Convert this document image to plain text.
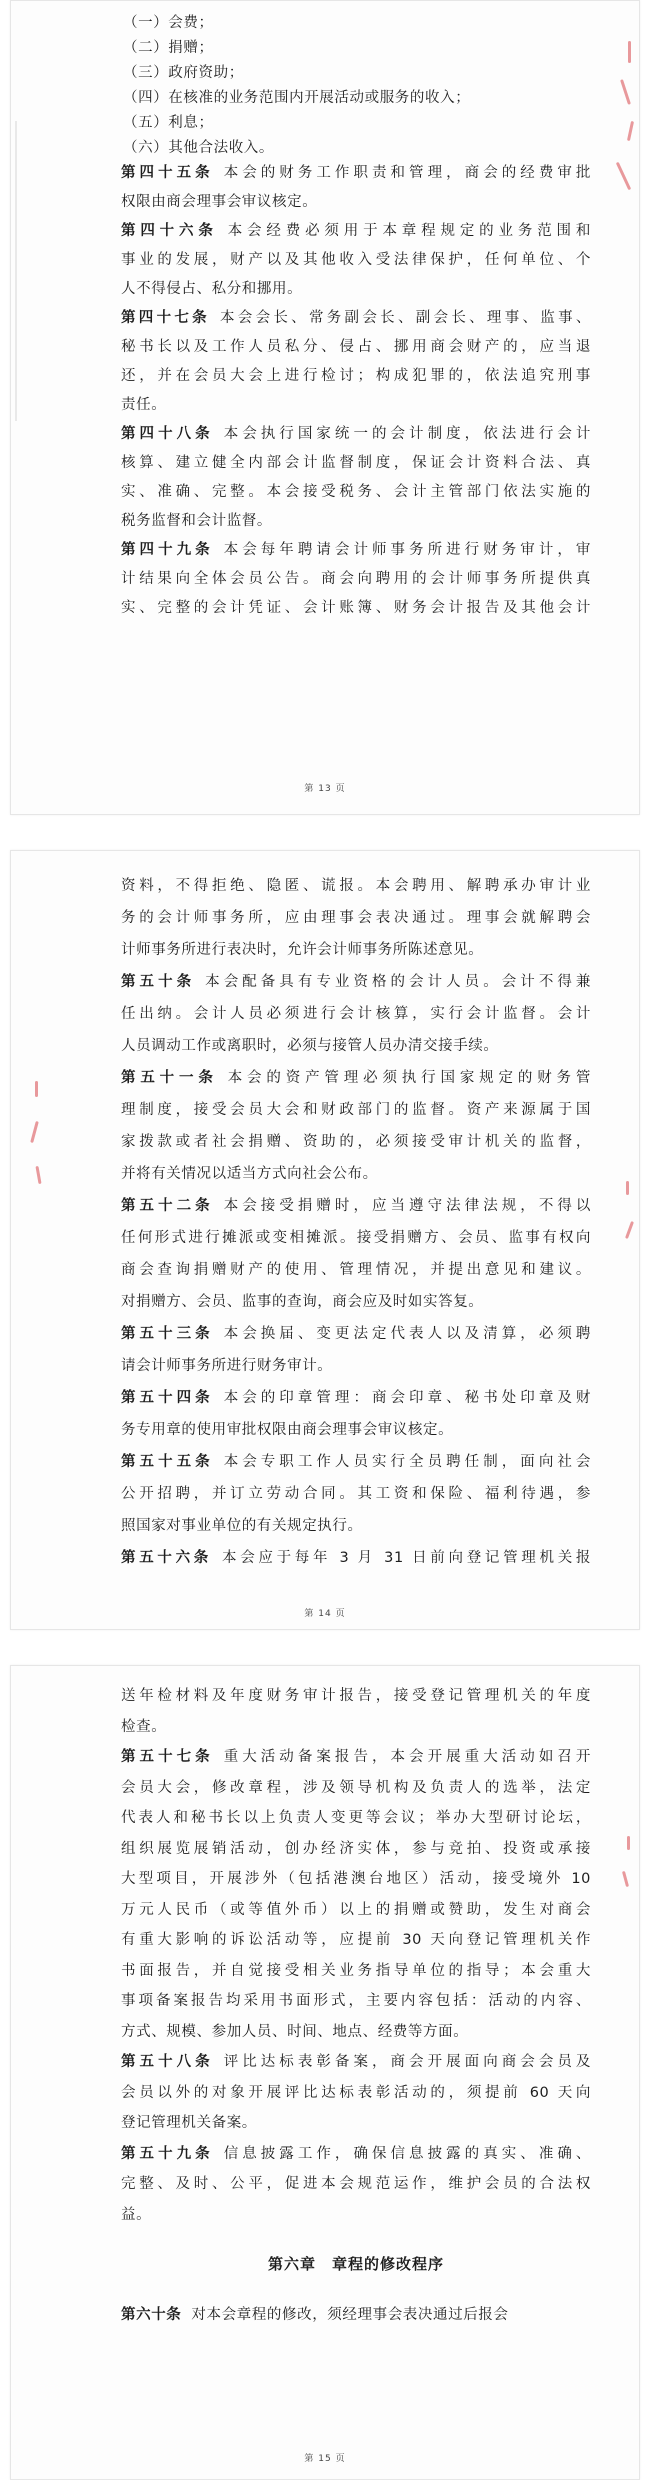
（一）会费；
（二）捐赠；
（三）政府资助；
（四）在核准的业务范围内开展活动或服务的收入；
（五）利息；
（六）其他合法收入。
第四十五条 本会的财务工作职责和管理，商会的经费审批
权限由商会理事会审议核定。
第四十六条 本会经费必须用于本章程规定的业务范围和
事业的发展，财产以及其他收入受法律保护，任何单位、个
人不得侵占、私分和挪用。
第四十七条 本会会长、常务副会长、副会长、理事、监事、
秘书长以及工作人员私分、侵占、挪用商会财产的，应当退
还，并在会员大会上进行检讨；构成犯罪的，依法追究刑事
责任。
第四十八条 本会执行国家统一的会计制度，依法进行会计
核算、建立健全内部会计监督制度，保证会计资料合法、真
实、准确、完整。本会接受税务、会计主管部门依法实施的
税务监督和会计监督。
第四十九条 本会每年聘请会计师事务所进行财务审计，审
计结果向全体会员公告。商会向聘用的会计师事务所提供真
实、完整的会计凭证、会计账簿、财务会计报告及其他会计
第 13 页
资料，不得拒绝、隐匿、谎报。本会聘用、解聘承办审计业
务的会计师事务所，应由理事会表决通过。理事会就解聘会
计师事务所进行表决时，允许会计师事务所陈述意见。
第五十条 本会配备具有专业资格的会计人员。会计不得兼
任出纳。会计人员必须进行会计核算，实行会计监督。会计
人员调动工作或离职时，必须与接管人员办清交接手续。
第五十一条 本会的资产管理必须执行国家规定的财务管
理制度，接受会员大会和财政部门的监督。资产来源属于国
家拨款或者社会捐赠、资助的，必须接受审计机关的监督，
并将有关情况以适当方式向社会公布。
第五十二条 本会接受捐赠时，应当遵守法律法规，不得以
任何形式进行摊派或变相摊派。接受捐赠方、会员、监事有权向
商会查询捐赠财产的使用、管理情况，并提出意见和建议。
对捐赠方、会员、监事的查询，商会应及时如实答复。
第五十三条 本会换届、变更法定代表人以及清算，必须聘
请会计师事务所进行财务审计。
第五十四条 本会的印章管理：商会印章、秘书处印章及财
务专用章的使用审批权限由商会理事会审议核定。
第五十五条 本会专职工作人员实行全员聘任制，面向社会
公开招聘，并订立劳动合同。其工资和保险、福利待遇，参
照国家对事业单位的有关规定执行。
第五十六条 本会应于每年 3 月 31 日前向登记管理机关报
第 14 页
送年检材料及年度财务审计报告，接受登记管理机关的年度
检查。
第五十七条 重大活动备案报告，本会开展重大活动如召开
会员大会，修改章程，涉及领导机构及负责人的选举，法定
代表人和秘书长以上负责人变更等会议；举办大型研讨论坛，
组织展览展销活动，创办经济实体，参与竞拍、投资或承接
大型项目，开展涉外（包括港澳台地区）活动，接受境外 10
万元人民币（或等值外币）以上的捐赠或赞助，发生对商会
有重大影响的诉讼活动等，应提前 30 天向登记管理机关作
书面报告，并自觉接受相关业务指导单位的指导；本会重大
事项备案报告均采用书面形式，主要内容包括：活动的内容、
方式、规模、参加人员、时间、地点、经费等方面。
第五十八条 评比达标表彰备案，商会开展面向商会会员及
会员以外的对象开展评比达标表彰活动的，须提前 60 天向
登记管理机关备案。
第五十九条 信息披露工作，确保信息披露的真实、准确、
完整、及时、公平，促进本会规范运作，维护会员的合法权
益。
第六章　章程的修改程序
第六十条 对本会章程的修改，须经理事会表决通过后报会
第 15 页
